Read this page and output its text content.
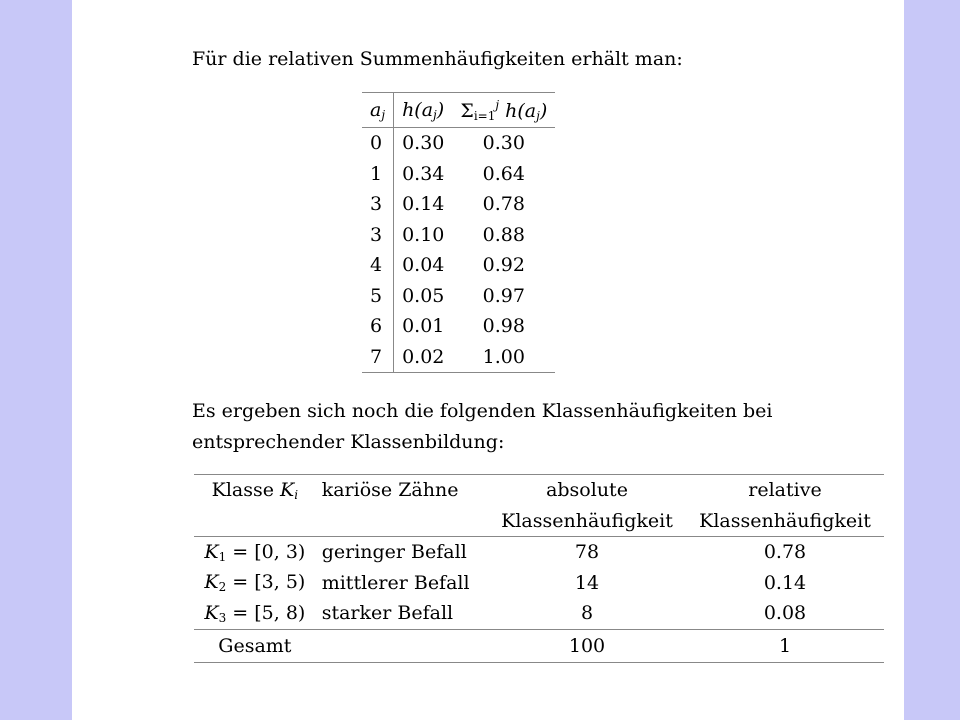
Für die relativen Summenhäufigkeiten erhält man:
$a_j$	$h(a_j)$	$\Sigma_{i=1}^j$ $h(a_j)$
0	0.30	0.30
1	0.34	0.64
3	0.14	0.78
3	0.10	0.88
4	0.04	0.92
5	0.05	0.97
6	0.01	0.98
7	0.02	1.00
Es ergeben sich noch die folgenden Klassenhäufigkeiten bei
entsprechender Klassenbildung:
Klasse $K_i$	kariöse Zähne	absolute	relative
		Klassenhäufigkeit	Klassenhäufigkeit
$K_1 = [0$, 3)	geringer Befall	78	0.78
$K_2 = [3$, 5)	mittlerer Befall	14	0.14
$K_3 = [5$, 8)	starker Befall	8	0.08
Gesamt		100	1
